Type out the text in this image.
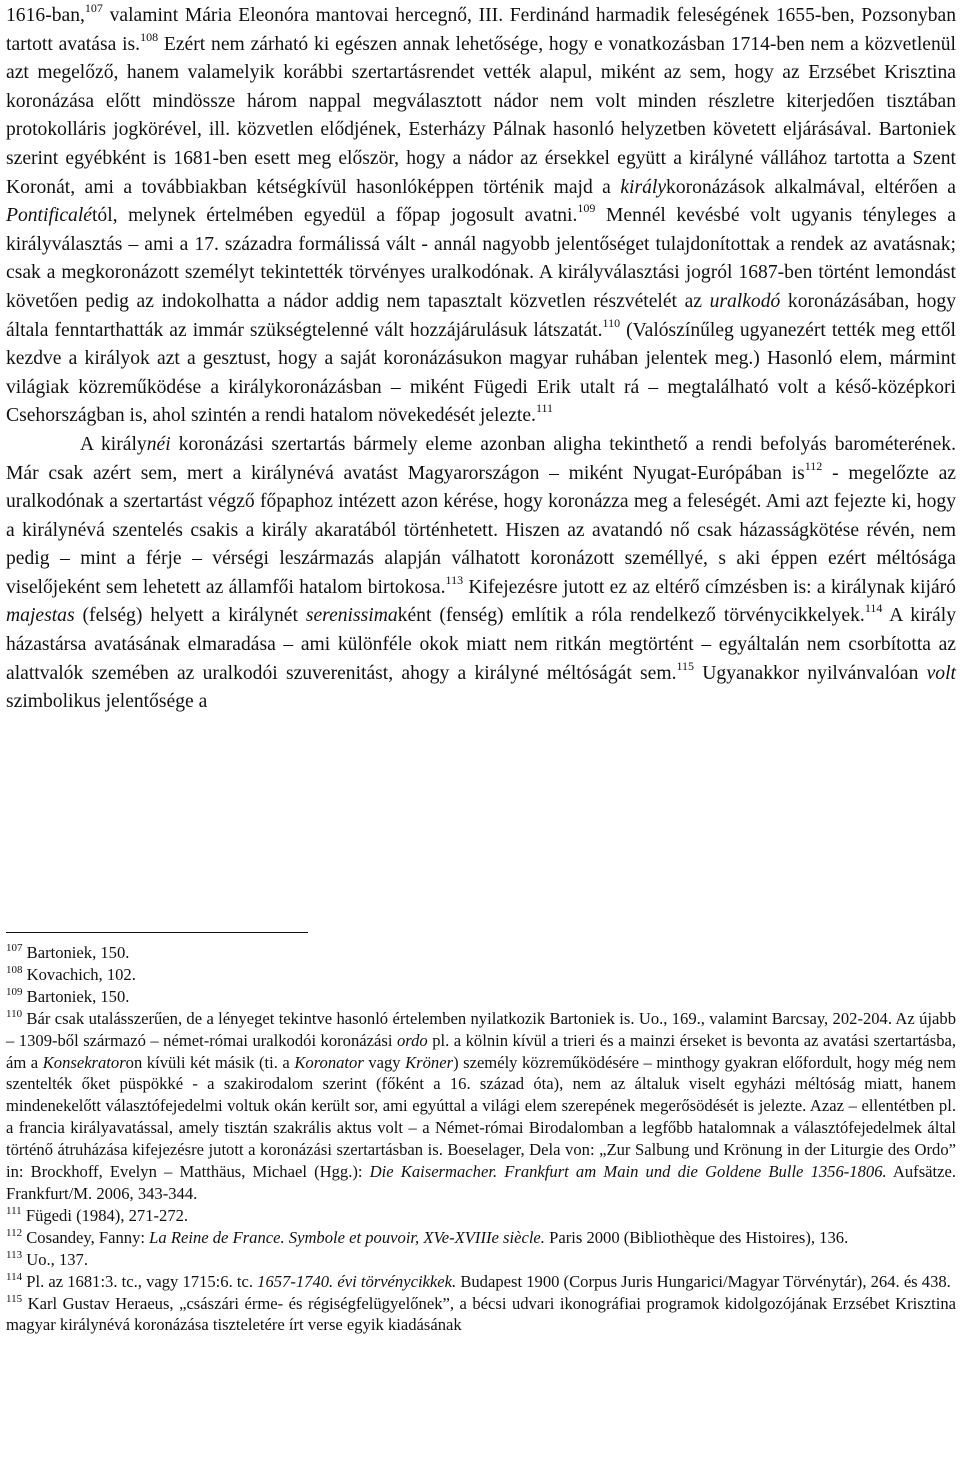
1616-ban,$^{107}$ valamint Mária Eleonóra mantovai hercegnő, III. Ferdinánd harmadik feleségének 1655-ben, Pozsonyban tartott avatása is.$^{108}$ Ezért nem zárható ki egészen annak lehetősége, hogy e vonatkozásban 1714-ben nem a közvetlenül azt megelőző, hanem valamelyik korábbi szertartásrendet vették alapul, miként az sem, hogy az Erzsébet Krisztina koronázása előtt mindössze három nappal megválasztott nádor nem volt minden részletre kiterjedően tisztában protokolláris jogkörével, ill. közvetlen elődjének, Esterházy Pálnak hasonló helyzetben követett eljárásával. Bartoniek szerint egyébként is 1681-ben esett meg először, hogy a nádor az érsekkel együtt a királyné vállához tartotta a Szent Koronát, ami a továbbiakban kétségkívül hasonlóképpen történik majd a királykoronázások alkalmával, eltérően a Pontificalétól, melynek értelmében egyedül a főpap jogosult avatni.$^{109}$ Mennél kevésbé volt ugyanis tényleges a királyválasztás – ami a 17. századra formálissá vált - annál nagyobb jelentőséget tulajdonítottak a rendek az avatásnak; csak a megkoronázott személyt tekintették törvényes uralkodónak. A királyválasztási jogról 1687-ben történt lemondást követően pedig az indokolhatta a nádor addig nem tapasztalt közvetlen részvételét az uralkodó koronázásában, hogy általa fenntarthatták az immár szükségtelenné vált hozzájárulásuk látszatát.$^{110}$ (Valószínűleg ugyanezért tették meg ettől kezdve a királyok azt a gesztust, hogy a saját koronázásukon magyar ruhában jelentek meg.) Hasonló elem, mármint világiak közreműködése a királykoronázásban – miként Fügedi Erik utalt rá – megtalálható volt a késő-középkori Csehországban is, ahol szintén a rendi hatalom növekedését jelezte.$^{111}$

A királynéi koronázási szertartás bármely eleme azonban aligha tekinthető a rendi befolyás barométerének. Már csak azért sem, mert a királynévá avatást Magyarországon – miként Nyugat-Európában $is^{112}$ - megelőzte az uralkodónak a szertartást végző főpaphoz intézett azon kérése, hogy koronázza meg a feleségét. Ami azt fejezte ki, hogy a királynévá szentelés csakis a király akaratából történhetett. Hiszen az avatandó nő csak házasságkötése révén, nem pedig – mint a férje – vérségi leszármazás alapján válhatott koronázott személlyé, s aki éppen ezért méltósága viselőjeként sem lehetett az államfői hatalom birtokosa.$^{113}$ Kifejezésre jutott ez az eltérő címzésben is: a királynak kijáró majestas (felség) helyett a királynét serenissimaként (fenség) említik a róla rendelkező törvénycikkelyek.$^{114}$ A király házastársa avatásának elmaradása – ami különféle okok miatt nem ritkán megtörtént – egyáltalán nem csorbította az alattvalók szemében az uralkodói szuverenitást, ahogy a királyné méltóságát sem.$^{115}$ Ugyanakkor nyilvánvalóan volt szimbolikus jelentősége a

$^{107}$ Bartoniek, 150.

$^{108}$ Kovachich, 102.

$^{109}$ Bartoniek, 150.

$^{110}$ Bár csak utalásszerűen, de a lényeget tekintve hasonló értelemben nyilatkozik Bartoniek is. Uo., 169., valamint Barcsay, 202-204. Az újabb – 1309-ből származó – német-római uralkodói koronázási ordo pl. a kölnin kívül a trieri és a mainzi érseket is bevonta az avatási szertartásba, ám a Konsekratoron kívüli két másik (ti. a Koronator vagy Kröner) személy közreműködésére – minthogy gyakran előfordult, hogy még nem szentelték őket püspökké - a szakirodalom szerint (főként a 16. század óta), nem az általuk viselt egyházi méltóság miatt, hanem mindenekelőtt választófejedelmi voltuk okán került sor, ami egyúttal a világi elem szerepének megerősödését is jelezte. Azaz – ellentétben pl. a francia királyavatással, amely tisztán szakrális aktus volt – a Német-római Birodalomban a legfőbb hatalomnak a választófejedelmek által történő átruházása kifejezésre jutott a koronázási szertartásban is. Boeselager, Dela von: „Zur Salbung und Krönung in der Liturgie des Ordo” in: Brockhoff, Evelyn – Matthäus, Michael (Hgg.): Die Kaisermacher. Frankfurt am Main und die Goldene Bulle 1356-1806. Aufsätze. Frankfurt/M. 2006, 343-344.

$^{111}$ Fügedi (1984), 271-272.

$^{112}$ Cosandey, Fanny: La Reine de France. Symbole et pouvoir, XVe-XVIIIe siècle. Paris 2000 (Bibliothèque des Histoires), 136.

$^{113}$ Uo., 137.

$^{114}$ Pl. az 1681:3. tc., vagy 1715:6. tc. 1657-1740. évi törvénycikkek. Budapest 1900 (Corpus Juris Hungarici/Magyar Törvénytár), 264. és 438.

$^{115}$ Karl Gustav Heraeus, „császári érme- és régiségfelügyelőnek”, a bécsi udvari ikonográfiai programok kidolgozójának Erzsébet Krisztina magyar királynévá koronázása tiszteletére írt verse egyik kiadásának
